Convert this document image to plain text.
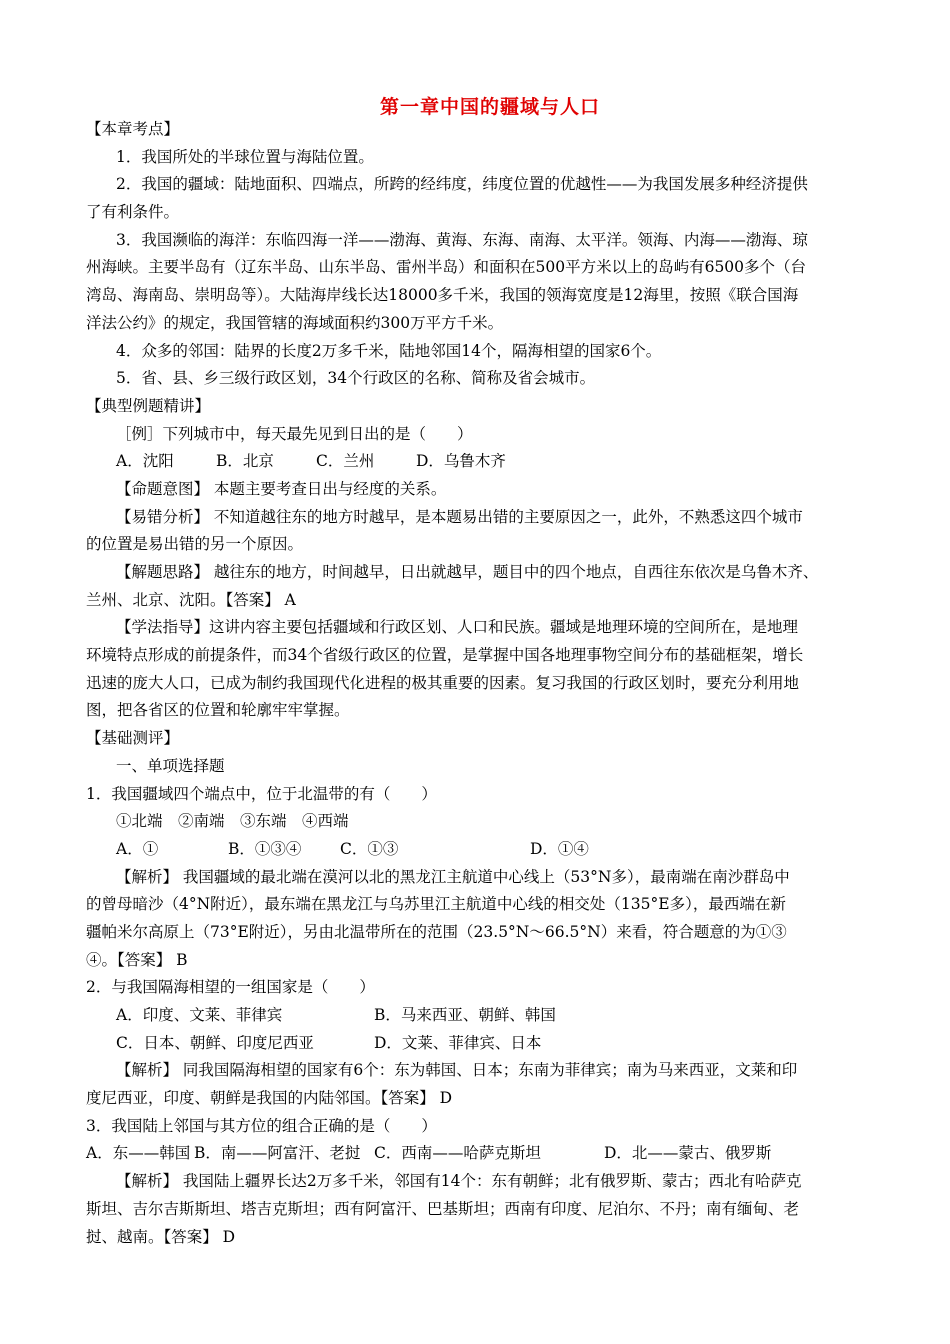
第一章中国的疆域与人口
【本章考点】
1．我国所处的半球位置与海陆位置。
2．我国的疆域：陆地面积、四端点，所跨的经纬度，纬度位置的优越性——为我国发展多种经济提供
了有利条件。
3．我国濒临的海洋：东临四海一洋——渤海、黄海、东海、南海、太平洋。领海、内海——渤海、琼
州海峡。主要半岛有（辽东半岛、山东半岛、雷州半岛）和面积在500平方米以上的岛屿有6500多个（台
湾岛、海南岛、崇明岛等）。大陆海岸线长达18000多千米，我国的领海宽度是12海里，按照《联合国海
洋法公约》的规定，我国管辖的海域面积约300万平方千米。
4．众多的邻国：陆界的长度2万多千米，陆地邻国14个，隔海相望的国家6个。
5．省、县、乡三级行政区划，34个行政区的名称、简称及省会城市。
【典型例题精讲】
［例］下列城市中，每天最先见到日出的是（　　）
A．沈阳	B．北京	C．兰州	D．乌鲁木齐
【命题意图】 本题主要考查日出与经度的关系。
【易错分析】 不知道越往东的地方时越早，是本题易出错的主要原因之一，此外，不熟悉这四个城市
的位置是易出错的另一个原因。
【解题思路】 越往东的地方，时间越早，日出就越早，题目中的四个地点，自西往东依次是乌鲁木齐、
兰州、北京、沈阳。【答案】 A
【学法指导】这讲内容主要包括疆域和行政区划、人口和民族。疆域是地理环境的空间所在，是地理
环境特点形成的前提条件，而34个省级行政区的位置，是掌握中国各地理事物空间分布的基础框架，增长
迅速的庞大人口，已成为制约我国现代化进程的极其重要的因素。复习我国的行政区划时，要充分利用地
图，把各省区的位置和轮廓牢牢掌握。
【基础测评】
一、单项选择题
1．我国疆域四个端点中，位于北温带的有（　　）
①北端　②南端　③东端　④西端
A．①	B．①③④ C．①③	D．①④
【解析】 我国疆域的最北端在漠河以北的黑龙江主航道中心线上（53°N多），最南端在南沙群岛中
的曾母暗沙（4°N附近），最东端在黑龙江与乌苏里江主航道中心线的相交处（135°E多），最西端在新
疆帕米尔高原上（73°E附近），另由北温带所在的范围（23.5°N～66.5°N）来看，符合题意的为①③
④。【答案】 B
2．与我国隔海相望的一组国家是（　　）
A．印度、文莱、菲律宾	B．马来西亚、朝鲜、韩国
C．日本、朝鲜、印度尼西亚	D．文莱、菲律宾、日本
【解析】 同我国隔海相望的国家有6个：东为韩国、日本；东南为菲律宾；南为马来西亚，文莱和印
度尼西亚，印度、朝鲜是我国的内陆邻国。【答案】 D
3．我国陆上邻国与其方位的组合正确的是（　　）
A．东——韩国 B．南——阿富汗、老挝 C．西南——哈萨克斯坦	D．北——蒙古、俄罗斯
【解析】 我国陆上疆界长达2万多千米，邻国有14个：东有朝鲜；北有俄罗斯、蒙古；西北有哈萨克
斯坦、吉尔吉斯斯坦、塔吉克斯坦；西有阿富汗、巴基斯坦；西南有印度、尼泊尔、不丹；南有缅甸、老
挝、越南。【答案】 D
